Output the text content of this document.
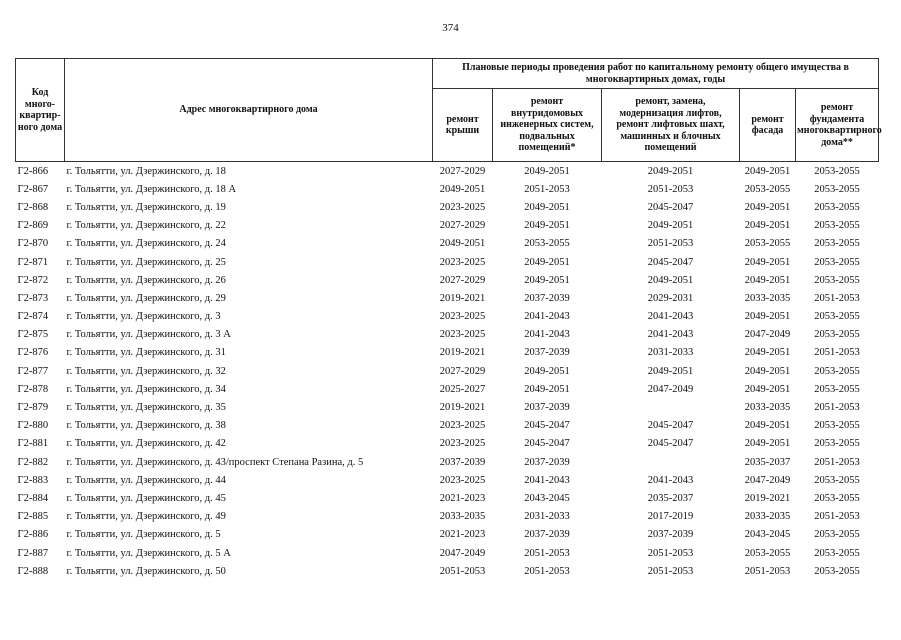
374
Код много-квартир-ного дома	Адрес многоквартирного дома	Плановые периоды проведения работ по капитальному ремонту общего имущества в многоквартирных домах, годы				
		ремонт крыши	ремонт внутридомовых инженерных систем, подвальных помещений*	ремонт, замена, модернизация лифтов, ремонт лифтовых шахт, машинных и блочных помещений	ремонт фасада	ремонт фундамента многоквартирного дома**
Г2-866	г. Тольятти, ул. Дзержинского, д. 18	2027-2029	2049-2051	2049-2051	2049-2051	2053-2055
Г2-867	г. Тольятти, ул. Дзержинского, д. 18 А	2049-2051	2051-2053	2051-2053	2053-2055	2053-2055
Г2-868	г. Тольятти, ул. Дзержинского, д. 19	2023-2025	2049-2051	2045-2047	2049-2051	2053-2055
Г2-869	г. Тольятти, ул. Дзержинского, д. 22	2027-2029	2049-2051	2049-2051	2049-2051	2053-2055
Г2-870	г. Тольятти, ул. Дзержинского, д. 24	2049-2051	2053-2055	2051-2053	2053-2055	2053-2055
Г2-871	г. Тольятти, ул. Дзержинского, д. 25	2023-2025	2049-2051	2045-2047	2049-2051	2053-2055
Г2-872	г. Тольятти, ул. Дзержинского, д. 26	2027-2029	2049-2051	2049-2051	2049-2051	2053-2055
Г2-873	г. Тольятти, ул. Дзержинского, д. 29	2019-2021	2037-2039	2029-2031	2033-2035	2051-2053
Г2-874	г. Тольятти, ул. Дзержинского, д. 3	2023-2025	2041-2043	2041-2043	2049-2051	2053-2055
Г2-875	г. Тольятти, ул. Дзержинского, д. 3 А	2023-2025	2041-2043	2041-2043	2047-2049	2053-2055
Г2-876	г. Тольятти, ул. Дзержинского, д. 31	2019-2021	2037-2039	2031-2033	2049-2051	2051-2053
Г2-877	г. Тольятти, ул. Дзержинского, д. 32	2027-2029	2049-2051	2049-2051	2049-2051	2053-2055
Г2-878	г. Тольятти, ул. Дзержинского, д. 34	2025-2027	2049-2051	2047-2049	2049-2051	2053-2055
Г2-879	г. Тольятти, ул. Дзержинского, д. 35	2019-2021	2037-2039		2033-2035	2051-2053
Г2-880	г. Тольятти, ул. Дзержинского, д. 38	2023-2025	2045-2047	2045-2047	2049-2051	2053-2055
Г2-881	г. Тольятти, ул. Дзержинского, д. 42	2023-2025	2045-2047	2045-2047	2049-2051	2053-2055
Г2-882	г. Тольятти, ул. Дзержинского, д. 43/проспект Степана Разина, д. 5	2037-2039	2037-2039		2035-2037	2051-2053
Г2-883	г. Тольятти, ул. Дзержинского, д. 44	2023-2025	2041-2043	2041-2043	2047-2049	2053-2055
Г2-884	г. Тольятти, ул. Дзержинского, д. 45	2021-2023	2043-2045	2035-2037	2019-2021	2053-2055
Г2-885	г. Тольятти, ул. Дзержинского, д. 49	2033-2035	2031-2033	2017-2019	2033-2035	2051-2053
Г2-886	г. Тольятти, ул. Дзержинского, д. 5	2021-2023	2037-2039	2037-2039	2043-2045	2053-2055
Г2-887	г. Тольятти, ул. Дзержинского, д. 5 А	2047-2049	2051-2053	2051-2053	2053-2055	2053-2055
Г2-888	г. Тольятти, ул. Дзержинского, д. 50	2051-2053	2051-2053	2051-2053	2051-2053	2053-2055
